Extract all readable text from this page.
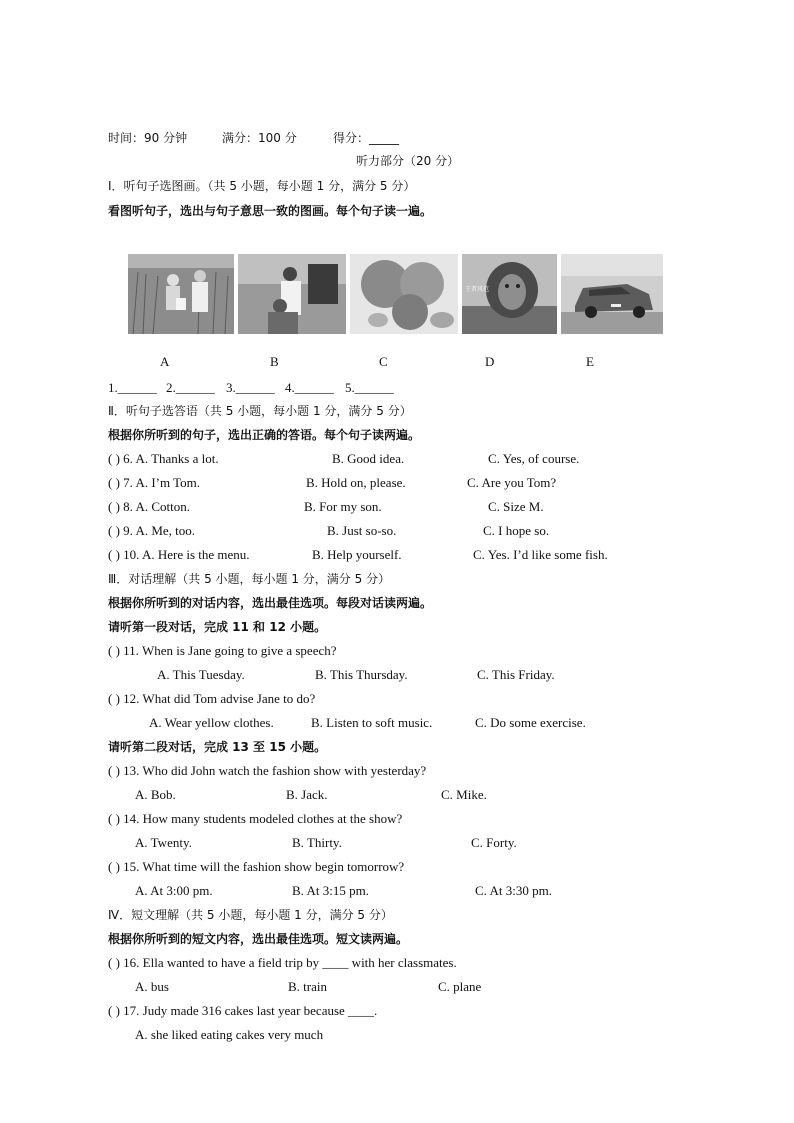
时间：90 分钟	满分：100 分	得分：_____
听力部分（20 分）
Ⅰ．听句子选图画。（共 5 小题，每小题 1 分，满分 5 分）
看图听句子，选出与句子意思一致的图画。每个句子读一遍。
王者风范
A	B	C	D	E
1.______ 2.______ 3.______ 4.______ 5.______
Ⅱ．听句子选答语（共 5 小题，每小题 1 分，满分 5 分）
根据你所听到的句子，选出正确的答语。每个句子读两遍。
( ) 6. A. Thanks a lot.	B. Good idea.	C. Yes, of course.
( ) 7. A. I’m Tom.	B. Hold on, please.	C. Are you Tom?
( ) 8. A. Cotton.	B. For my son.	C. Size M.
( ) 9. A. Me, too.	B. Just so-so.	C. I hope so.
( ) 10. A. Here is the menu.	B. Help yourself.	C. Yes. I’d like some fish.
Ⅲ．对话理解（共 5 小题，每小题 1 分，满分 5 分）
根据你所听到的对话内容，选出最佳选项。每段对话读两遍。
请听第一段对话，完成 11 和 12 小题。
( ) 11. When is Jane going to give a speech?
A. This Tuesday.	B. This Thursday.	C. This Friday.
( ) 12. What did Tom advise Jane to do?
A. Wear yellow clothes.	B. Listen to soft music.	C. Do some exercise.
请听第二段对话，完成 13 至 15 小题。
( ) 13. Who did John watch the fashion show with yesterday?
A. Bob.	B. Jack.	C. Mike.
( ) 14. How many students modeled clothes at the show?
A. Twenty.	B. Thirty.	C. Forty.
( ) 15. What time will the fashion show begin tomorrow?
A. At 3:00 pm.	B. At 3:15 pm.	C. At 3:30 pm.
Ⅳ．短文理解（共 5 小题，每小题 1 分，满分 5 分）
根据你所听到的短文内容，选出最佳选项。短文读两遍。
( ) 16. Ella wanted to have a field trip by ____ with her classmates.
A. bus	B. train	C. plane
( ) 17. Judy made 316 cakes last year because ____.
A. she liked eating cakes very much
